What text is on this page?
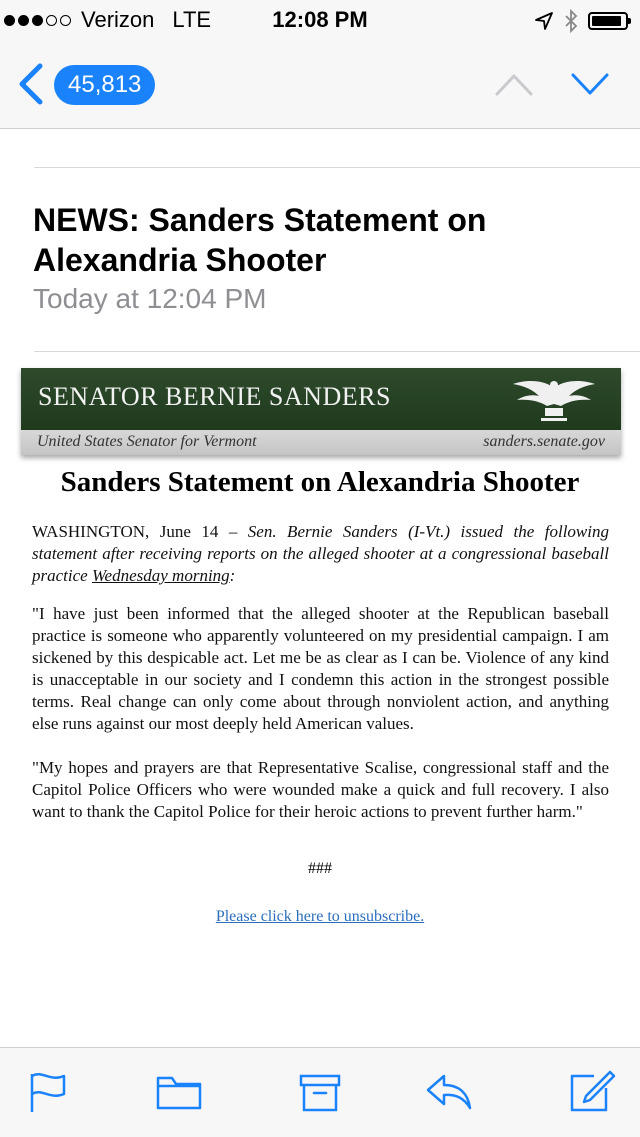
Verizon LTE	12:08 PM
45,813
NEWS: Sanders Statement on Alexandria Shooter
Today at 12:04 PM
SENATOR BERNIE SANDERS
United States Senator for Vermont	sanders.senate.gov
Sanders Statement on Alexandria Shooter
WASHINGTON, June 14 – Sen. Bernie Sanders (I-Vt.) issued the following statement after receiving reports on the alleged shooter at a congressional baseball practice Wednesday morning:
"I have just been informed that the alleged shooter at the Republican baseball practice is someone who apparently volunteered on my presidential campaign. I am sickened by this despicable act. Let me be as clear as I can be. Violence of any kind is unacceptable in our society and I condemn this action in the strongest possible terms. Real change can only come about through nonviolent action, and anything else runs against our most deeply held American values.
"My hopes and prayers are that Representative Scalise, congressional staff and the Capitol Police Officers who were wounded make a quick and full recovery. I also want to thank the Capitol Police for their heroic actions to prevent further harm."
###
Please click here to unsubscribe.
